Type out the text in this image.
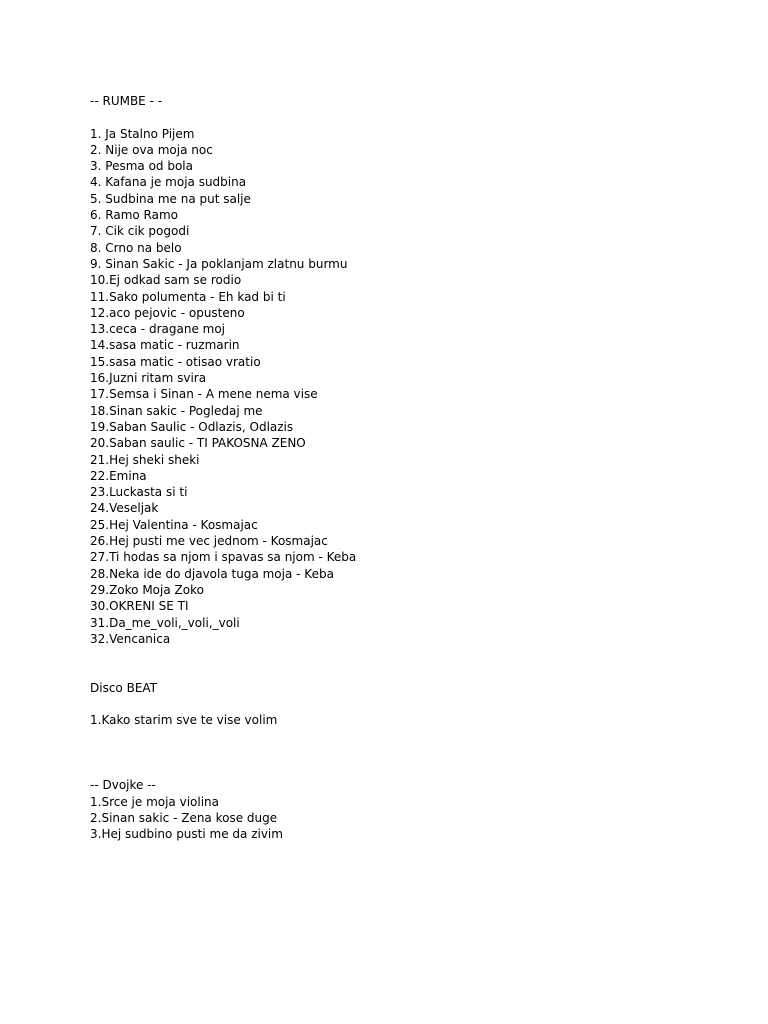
-- RUMBE - -
1. Ja Stalno Pijem
2. Nije ova moja noc
3. Pesma od bola
4. Kafana je moja sudbina
5. Sudbina me na put salje
6. Ramo Ramo
7. Cik cik pogodi
8. Crno na belo
9. Sinan Sakic - Ja poklanjam zlatnu burmu
10.Ej odkad sam se rodio
11.Sako polumenta - Eh kad bi ti
12.aco pejovic - opusteno
13.ceca - dragane moj
14.sasa matic - ruzmarin
15.sasa matic - otisao vratio
16.Juzni ritam svira
17.Semsa i Sinan - A mene nema vise
18.Sinan sakic - Pogledaj me
19.Saban Saulic - Odlazis, Odlazis
20.Saban saulic - TI PAKOSNA ZENO
21.Hej sheki sheki
22.Emina
23.Luckasta si ti
24.Veseljak
25.Hej Valentina - Kosmajac
26.Hej pusti me vec jednom - Kosmajac
27.Ti hodas sa njom i spavas sa njom - Keba
28.Neka ide do djavola tuga moja - Keba
29.Zoko Moja Zoko
30.OKRENI SE TI
31.Da_me_voli,_voli,_voli
32.Vencanica
Disco BEAT
1.Kako starim sve te vise volim
-- Dvojke --
1.Srce je moja violina
2.Sinan sakic - Zena kose duge
3.Hej sudbino pusti me da zivim
